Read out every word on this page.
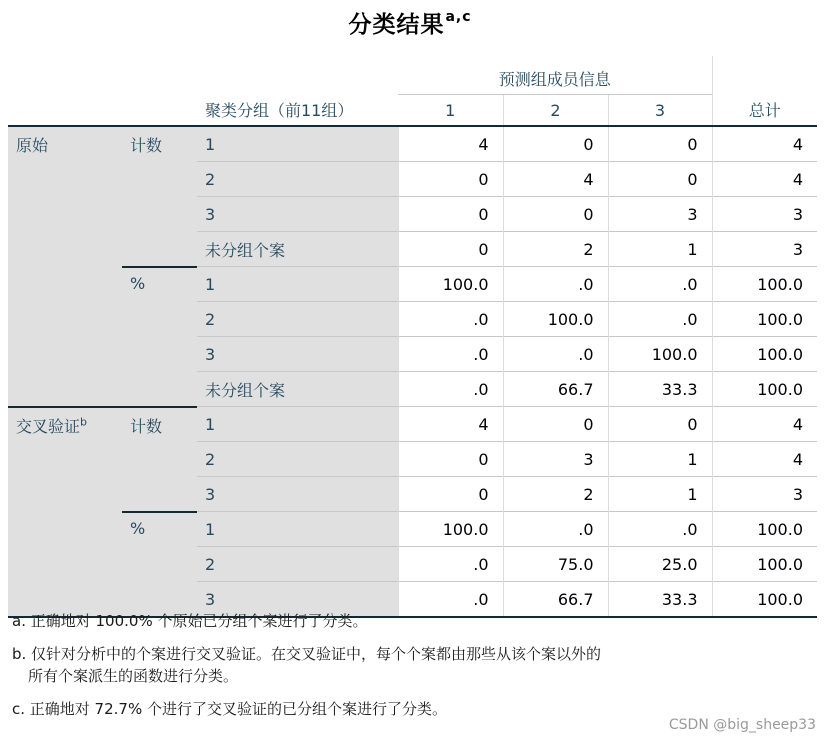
分类结果$^{a,c}$
			预测组成员信息			
		聚类分组（前11组）	1	2	3	总计
原始	计数	1	4	0	0	4
		2	0	4	0	4
		3	0	0	3	3
		未分组个案	0	2	1	3
	%	1	100.0	.0	.0	100.0
		2	.0	100.0	.0	100.0
		3	.0	.0	100.0	100.0
		未分组个案	.0	66.7	33.3	100.0
交叉验证$^b$	计数	1	4	0	0	4
		2	0	3	1	4
		3	0	2	1	3
	%	1	100.0	.0	.0	100.0
		2	.0	75.0	25.0	100.0
		3	.0	66.7	33.3	100.0

a. 正确地对 100.0% 个原始已分组个案进行了分类。

b. 仅针对分析中的个案进行交叉验证。在交叉验证中，每个个案都由那些从该个案以外的
所有个案派生的函数进行分类。

c. 正确地对 72.7% 个进行了交叉验证的已分组个案进行了分类。

CSDN @big_sheep33
